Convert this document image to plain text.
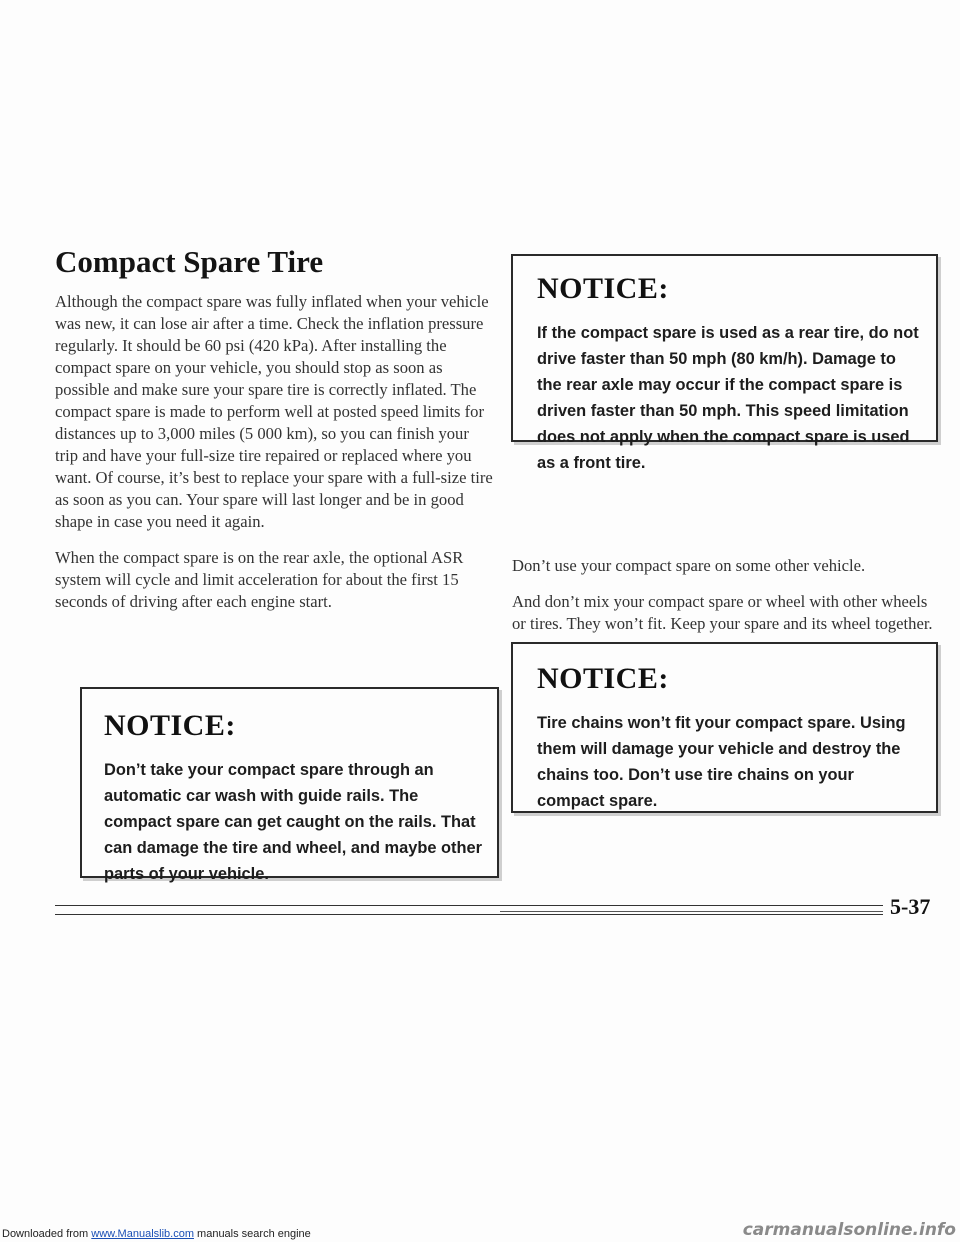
Compact Spare Tire

Although the compact spare was fully inflated when your vehicle was new, it can lose air after a time. Check the inflation pressure regularly. It should be 60 psi (420 kPa). After installing the compact spare on your vehicle, you should stop as soon as possible and make sure your spare tire is correctly inflated. The compact spare is made to perform well at posted speed limits for distances up to 3,000 miles (5 000 km), so you can finish your trip and have your full-size tire repaired or replaced where you want. Of course, it’s best to replace your spare with a full-size tire as soon as you can. Your spare will last longer and be in good shape in case you need it again.

When the compact spare is on the rear axle, the optional ASR system will cycle and limit acceleration for about the first 15 seconds of driving after each engine start.

NOTICE:

Don’t take your compact spare through an automatic car wash with guide rails. The compact spare can get caught on the rails. That can damage the tire and wheel, and maybe other parts of your vehicle.

NOTICE:

If the compact spare is used as a rear tire, do not drive faster than 50 mph (80 km/h). Damage to the rear axle may occur if the compact spare is driven faster than 50 mph. This speed limitation does not apply when the compact spare is used as a front tire.

Don’t use your compact spare on some other vehicle.

And don’t mix your compact spare or wheel with other wheels or tires. They won’t fit. Keep your spare and its wheel together.

NOTICE:

Tire chains won’t fit your compact spare. Using them will damage your vehicle and destroy the chains too. Don’t use tire chains on your compact spare.

5-37
Downloaded from www.Manualslib.com manuals search engine	carmanualsonline.info
